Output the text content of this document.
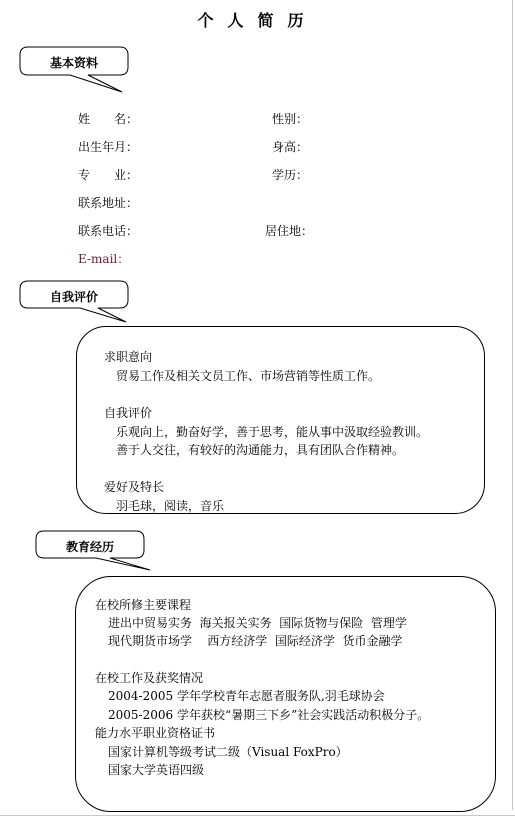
个人简历
基本资料
姓　　名：	性别：
出生年月：	身高：
专　　业：	学历：
联系地址：
联系电话：	居住地：
E-mail：
自我评价
求职意向
贸易工作及相关文员工作、市场营销等性质工作。
自我评价
乐观向上，勤奋好学，善于思考，能从事中汲取经验教训。
善于人交往，有较好的沟通能力，具有团队合作精神。
爱好及特长
羽毛球，阅读，音乐
教育经历
在校所修主要课程
进出中贸易实务  海关报关实务  国际货物与保险  管理学
现代期货市场学    西方经济学  国际经济学  货币金融学
在校工作及获奖情况
2004-2005 学年学校青年志愿者服务队,羽毛球协会
2005-2006 学年获校“暑期三下乡”社会实践活动积极分子。
能力水平职业资格证书
国家计算机等级考试二级（Visual FoxPro）
国家大学英语四级
